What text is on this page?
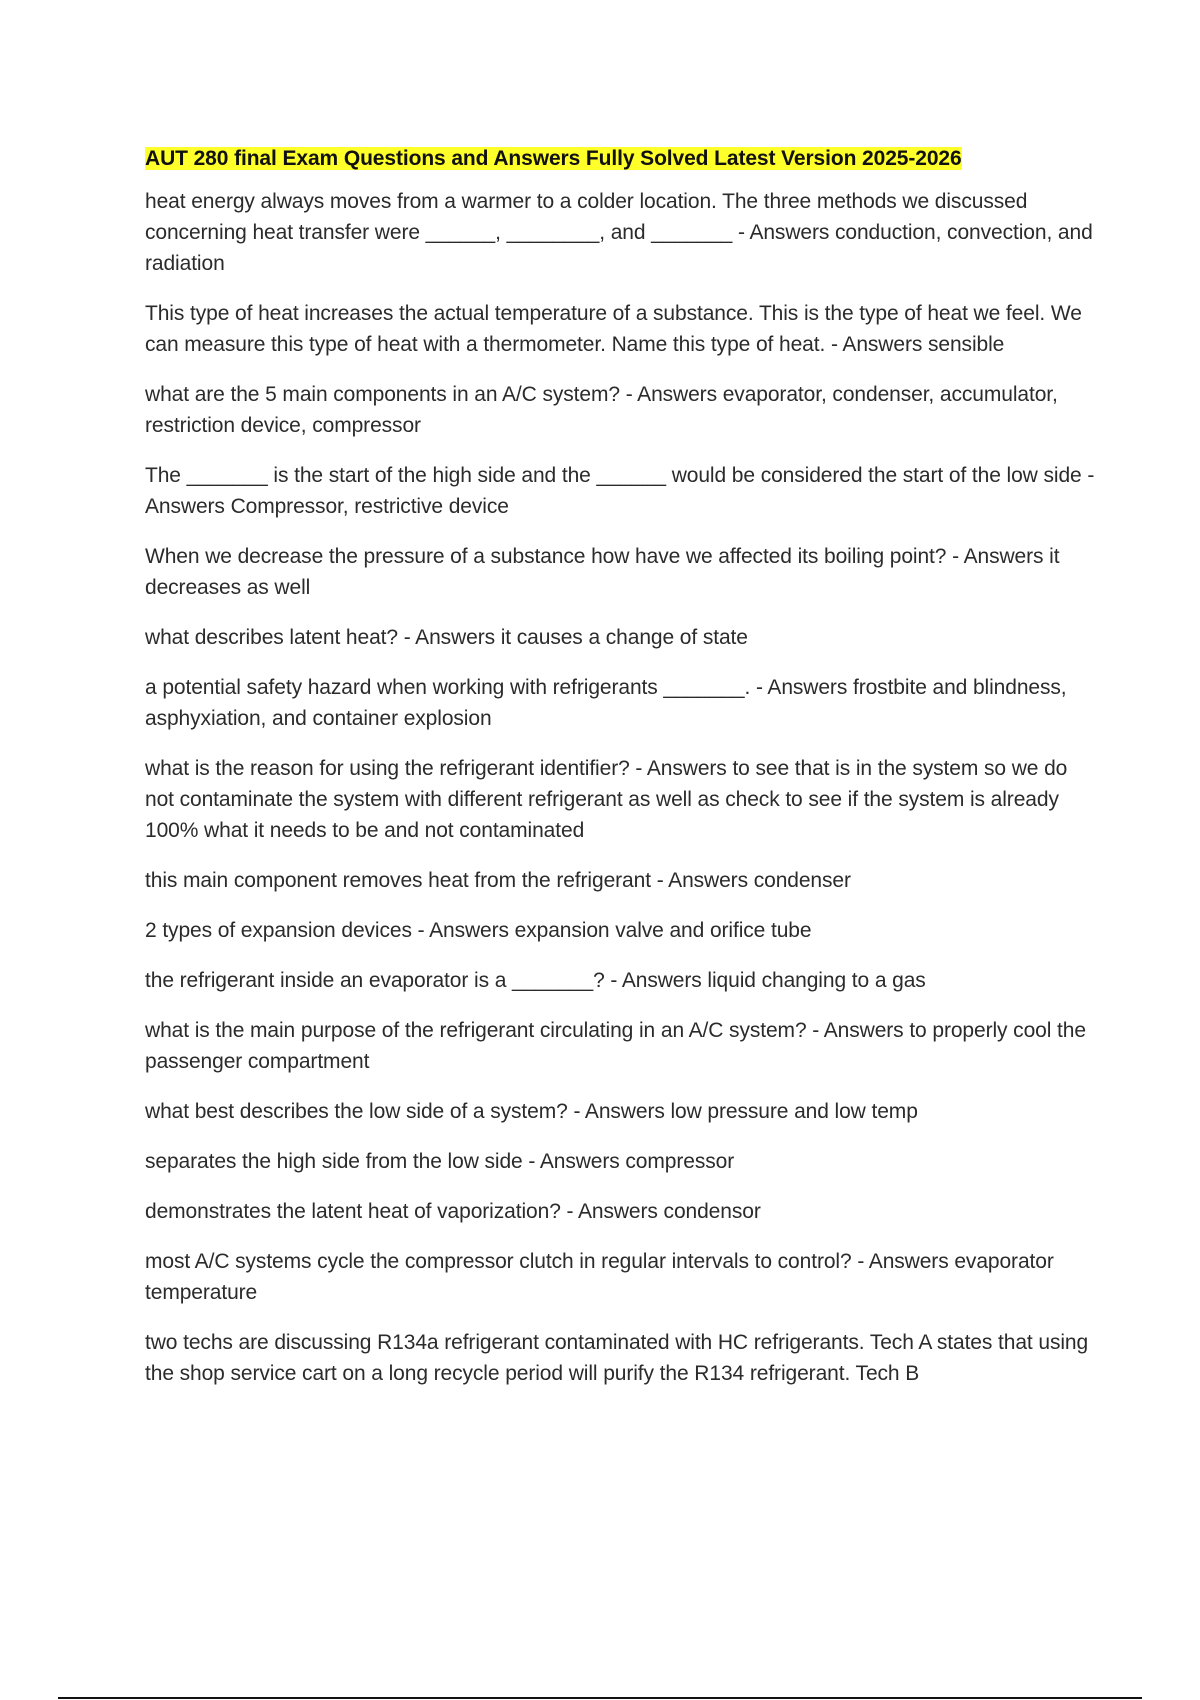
AUT 280 final Exam Questions and Answers Fully Solved Latest Version 2025-2026

heat energy always moves from a warmer to a colder location. The three methods we discussed concerning heat transfer were ______, ________, and _______ - Answers conduction, convection, and radiation

This type of heat increases the actual temperature of a substance. This is the type of heat we feel. We can measure this type of heat with a thermometer. Name this type of heat. - Answers sensible

what are the 5 main components in an A/C system? - Answers evaporator, condenser, accumulator, restriction device, compressor

The _______ is the start of the high side and the ______ would be considered the start of the low side - Answers Compressor, restrictive device

When we decrease the pressure of a substance how have we affected its boiling point? - Answers it decreases as well

what describes latent heat? - Answers it causes a change of state

a potential safety hazard when working with refrigerants _______. - Answers frostbite and blindness, asphyxiation, and container explosion

what is the reason for using the refrigerant identifier? - Answers to see that is in the system so we do not contaminate the system with different refrigerant as well as check to see if the system is already 100% what it needs to be and not contaminated

this main component removes heat from the refrigerant - Answers condenser

2 types of expansion devices - Answers expansion valve and orifice tube

the refrigerant inside an evaporator is a _______? - Answers liquid changing to a gas

what is the main purpose of the refrigerant circulating in an A/C system? - Answers to properly cool the passenger compartment

what best describes the low side of a system? - Answers low pressure and low temp

separates the high side from the low side - Answers compressor

demonstrates the latent heat of vaporization? - Answers condensor

most A/C systems cycle the compressor clutch in regular intervals to control? - Answers evaporator temperature

two techs are discussing R134a refrigerant contaminated with HC refrigerants. Tech A states that using the shop service cart on a long recycle period will purify the R134 refrigerant. Tech B
